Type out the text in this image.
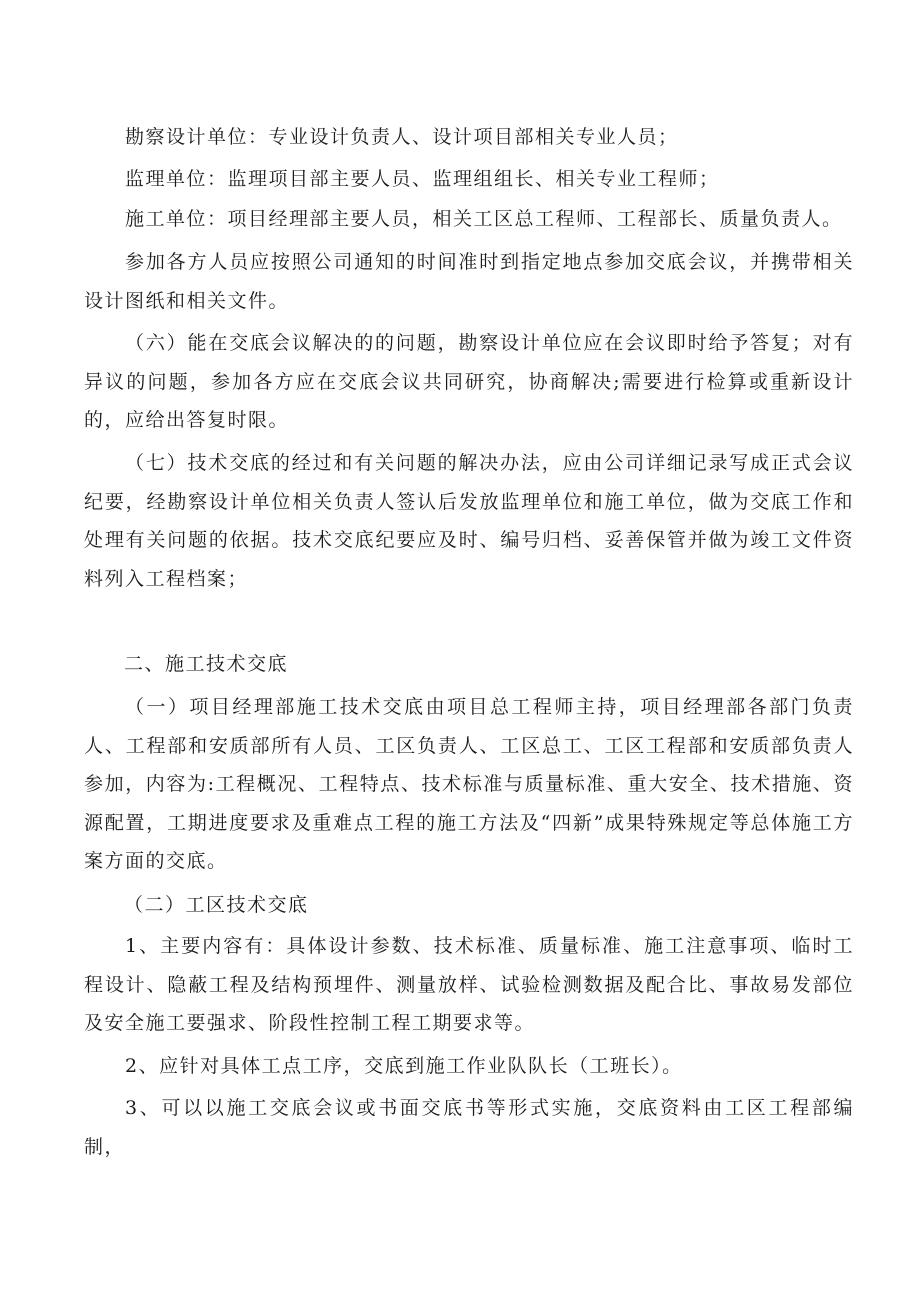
勘察设计单位：专业设计负责人、设计项目部相关专业人员；

监理单位：监理项目部主要人员、监理组组长、相关专业工程师；

施工单位：项目经理部主要人员，相关工区总工程师、工程部长、质量负责人。

参加各方人员应按照公司通知的时间准时到指定地点参加交底会议，并携带相关设计图纸和相关文件。

（六）能在交底会议解决的的问题，勘察设计单位应在会议即时给予答复；对有异议的问题，参加各方应在交底会议共同研究，协商解决;需要进行检算或重新设计的，应给出答复时限。

（七）技术交底的经过和有关问题的解决办法，应由公司详细记录写成正式会议纪要，经勘察设计单位相关负责人签认后发放监理单位和施工单位，做为交底工作和处理有关问题的依据。技术交底纪要应及时、编号归档、妥善保管并做为竣工文件资料列入工程档案；

二、施工技术交底

（一）项目经理部施工技术交底由项目总工程师主持，项目经理部各部门负责人、工程部和安质部所有人员、工区负责人、工区总工、工区工程部和安质部负责人参加，内容为:工程概况、工程特点、技术标准与质量标准、重大安全、技术措施、资源配置，工期进度要求及重难点工程的施工方法及“四新”成果特殊规定等总体施工方案方面的交底。

（二）工区技术交底

1、主要内容有：具体设计参数、技术标准、质量标准、施工注意事项、临时工程设计、隐蔽工程及结构预埋件、测量放样、试验检测数据及配合比、事故易发部位及安全施工要强求、阶段性控制工程工期要求等。

2、应针对具体工点工序，交底到施工作业队队长（工班长）。

3、可以以施工交底会议或书面交底书等形式实施，交底资料由工区工程部编制，
